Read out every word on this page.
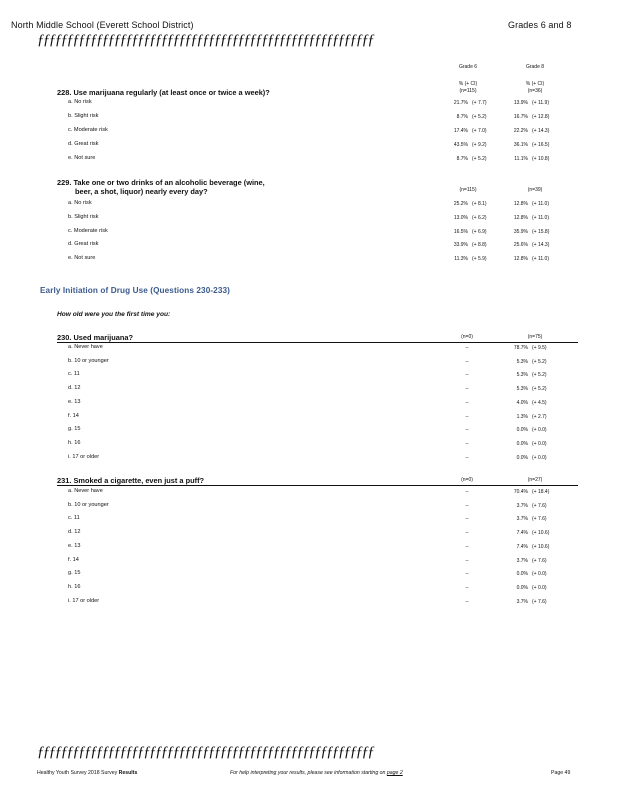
North Middle School (Everett School District)	Grades 6 and 8
ƒƒƒƒƒƒƒƒƒƒƒƒƒƒƒƒƒƒƒƒƒƒƒƒƒƒƒƒƒƒƒƒƒƒƒƒƒƒƒƒƒƒƒƒƒƒƒƒƒƒƒƒƒƒƒƒƒ
Grade 6	Grade 8
% (+ CI)	% (+ CI)
228. Use marijuana regularly (at least once or twice a week)?	(n=115)	(n=36)
a. No risk	21.7% (+ 7.7)	13.9% (+ 11.9)
b. Slight risk	8.7% (+ 5.2)	16.7% (+ 12.8)
c. Moderate risk	17.4% (+ 7.0)	22.2% (+ 14.3)
d. Great risk	43.5% (+ 9.2)	36.1% (+ 16.5)
e. Not sure	8.7% (+ 5.2)	11.1% (+ 10.8)
229. Take one or two drinks of an alcoholic beverage (wine,
beer, a shot, liquor) nearly every day?	(n=115)	(n=39)
a. No risk	25.2% (+ 8.1)	12.8% (+ 11.0)
b. Slight risk	13.0% (+ 6.2)	12.8% (+ 11.0)
c. Moderate risk	16.5% (+ 6.9)	35.9% (+ 15.8)
d. Great risk	33.9% (+ 8.8)	25.6% (+ 14.3)
e. Not sure	11.3% (+ 5.9)	12.8% (+ 11.0)
Early Initiation of Drug Use (Questions 230-233)
How old were you the first time you:
230. Used marijuana?	(n=0)	(n=75)
a. Never have	--	78.7% (+ 9.5)
b. 10 or younger	--	5.3% (+ 5.2)
c. 11	--	5.3% (+ 5.2)
d. 12	--	5.3% (+ 5.2)
e. 13	--	4.0% (+ 4.5)
f. 14	--	1.3% (+ 2.7)
g. 15	--	0.0% (+ 0.0)
h. 16	--	0.0% (+ 0.0)
i. 17 or older	--	0.0% (+ 0.0)
231. Smoked a cigarette, even just a puff?	(n=0)	(n=27)
a. Never have	--	70.4% (+ 18.4)
b. 10 or younger	--	3.7% (+ 7.6)
c. 11	--	3.7% (+ 7.6)
d. 12	--	7.4% (+ 10.6)
e. 13	--	7.4% (+ 10.6)
f. 14	--	3.7% (+ 7.6)
g. 15	--	0.0% (+ 0.0)
h. 16	--	0.0% (+ 0.0)
i. 17 or older	--	3.7% (+ 7.6)
ƒƒƒƒƒƒƒƒƒƒƒƒƒƒƒƒƒƒƒƒƒƒƒƒƒƒƒƒƒƒƒƒƒƒƒƒƒƒƒƒƒƒƒƒƒƒƒƒƒƒƒƒƒƒƒƒƒ
Healthy Youth Survey 2018 Survey Results	For help interpreting your results, please see information starting on page 2	Page 49
